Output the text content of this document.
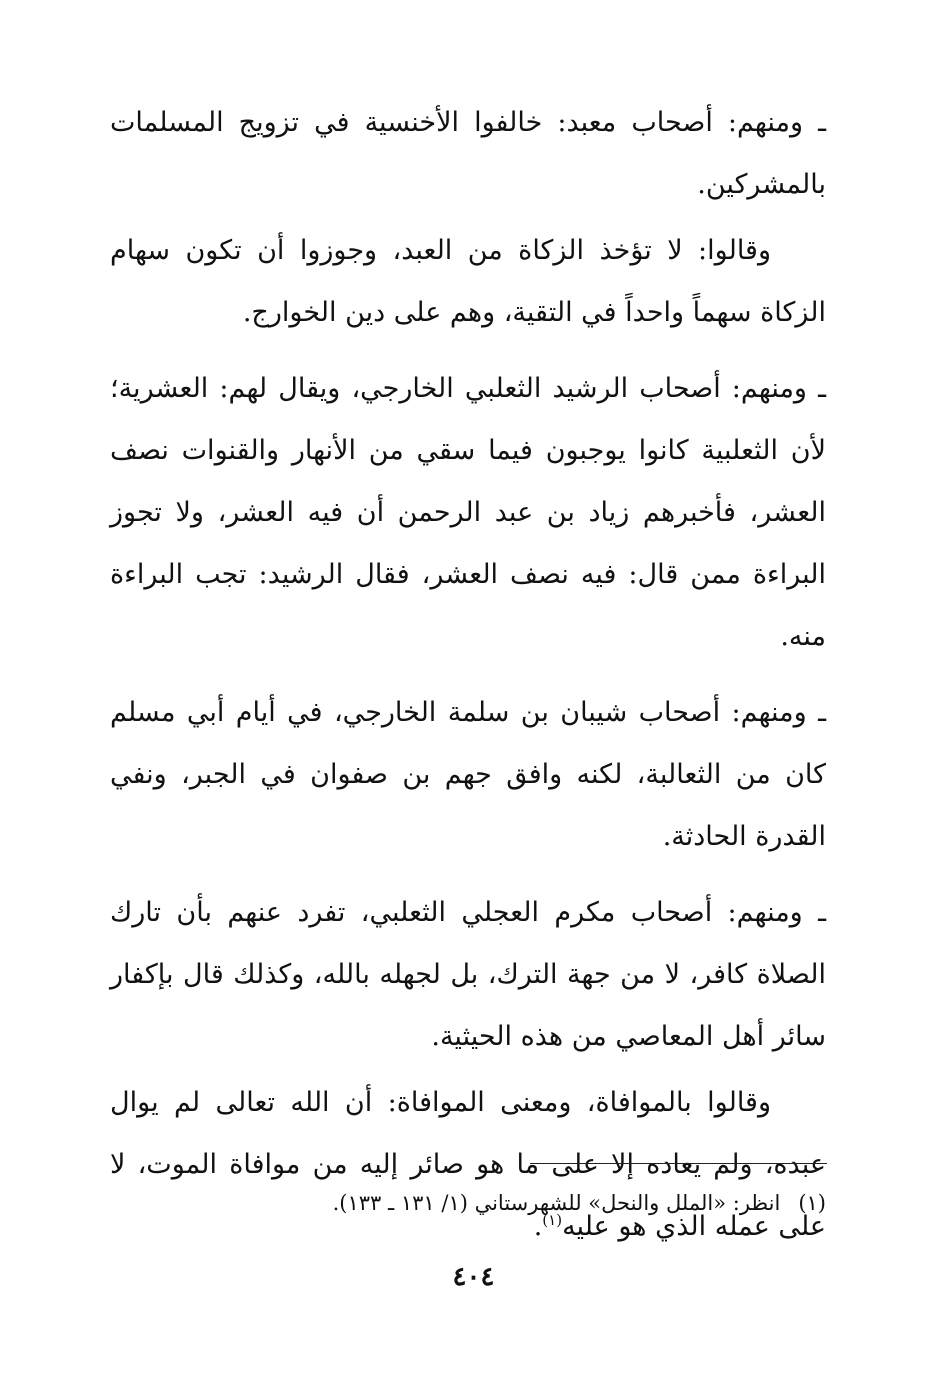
ـ ومنهم: أصحاب معبد: خالفوا الأخنسية في تزويج المسلمات بالمشركين.

وقالوا: لا تؤخذ الزكاة من العبد، وجوزوا أن تكون سهام الزكاة سهماً واحداً في التقية، وهم على دين الخوارج.

ـ ومنهم: أصحاب الرشيد الثعلبي الخارجي، ويقال لهم: العشرية؛ لأن الثعلبية كانوا يوجبون فيما سقي من الأنهار والقنوات نصف العشر، فأخبرهم زياد بن عبد الرحمن أن فيه العشر، ولا تجوز البراءة ممن قال: فيه نصف العشر، فقال الرشيد: تجب البراءة منه.

ـ ومنهم: أصحاب شيبان بن سلمة الخارجي، في أيام أبي مسلم كان من الثعالبة، لكنه وافق جهم بن صفوان في الجبر، ونفي القدرة الحادثة.

ـ ومنهم: أصحاب مكرم العجلي الثعلبي، تفرد عنهم بأن تارك الصلاة كافر، لا من جهة الترك، بل لجهله بالله، وكذلك قال بإكفار سائر أهل المعاصي من هذه الحيثية.

وقالوا بالموافاة، ومعنى الموافاة: أن الله تعالى لم يوال عبده، ولم يعاده إلا على ما هو صائر إليه من موافاة الموت، لا على عمله الذي هو عليه$^{(١)}$.

(١)انظر: «الملل والنحل» للشهرستاني (١/ ١٣١ ـ ١٣٣).
٤٠٤
